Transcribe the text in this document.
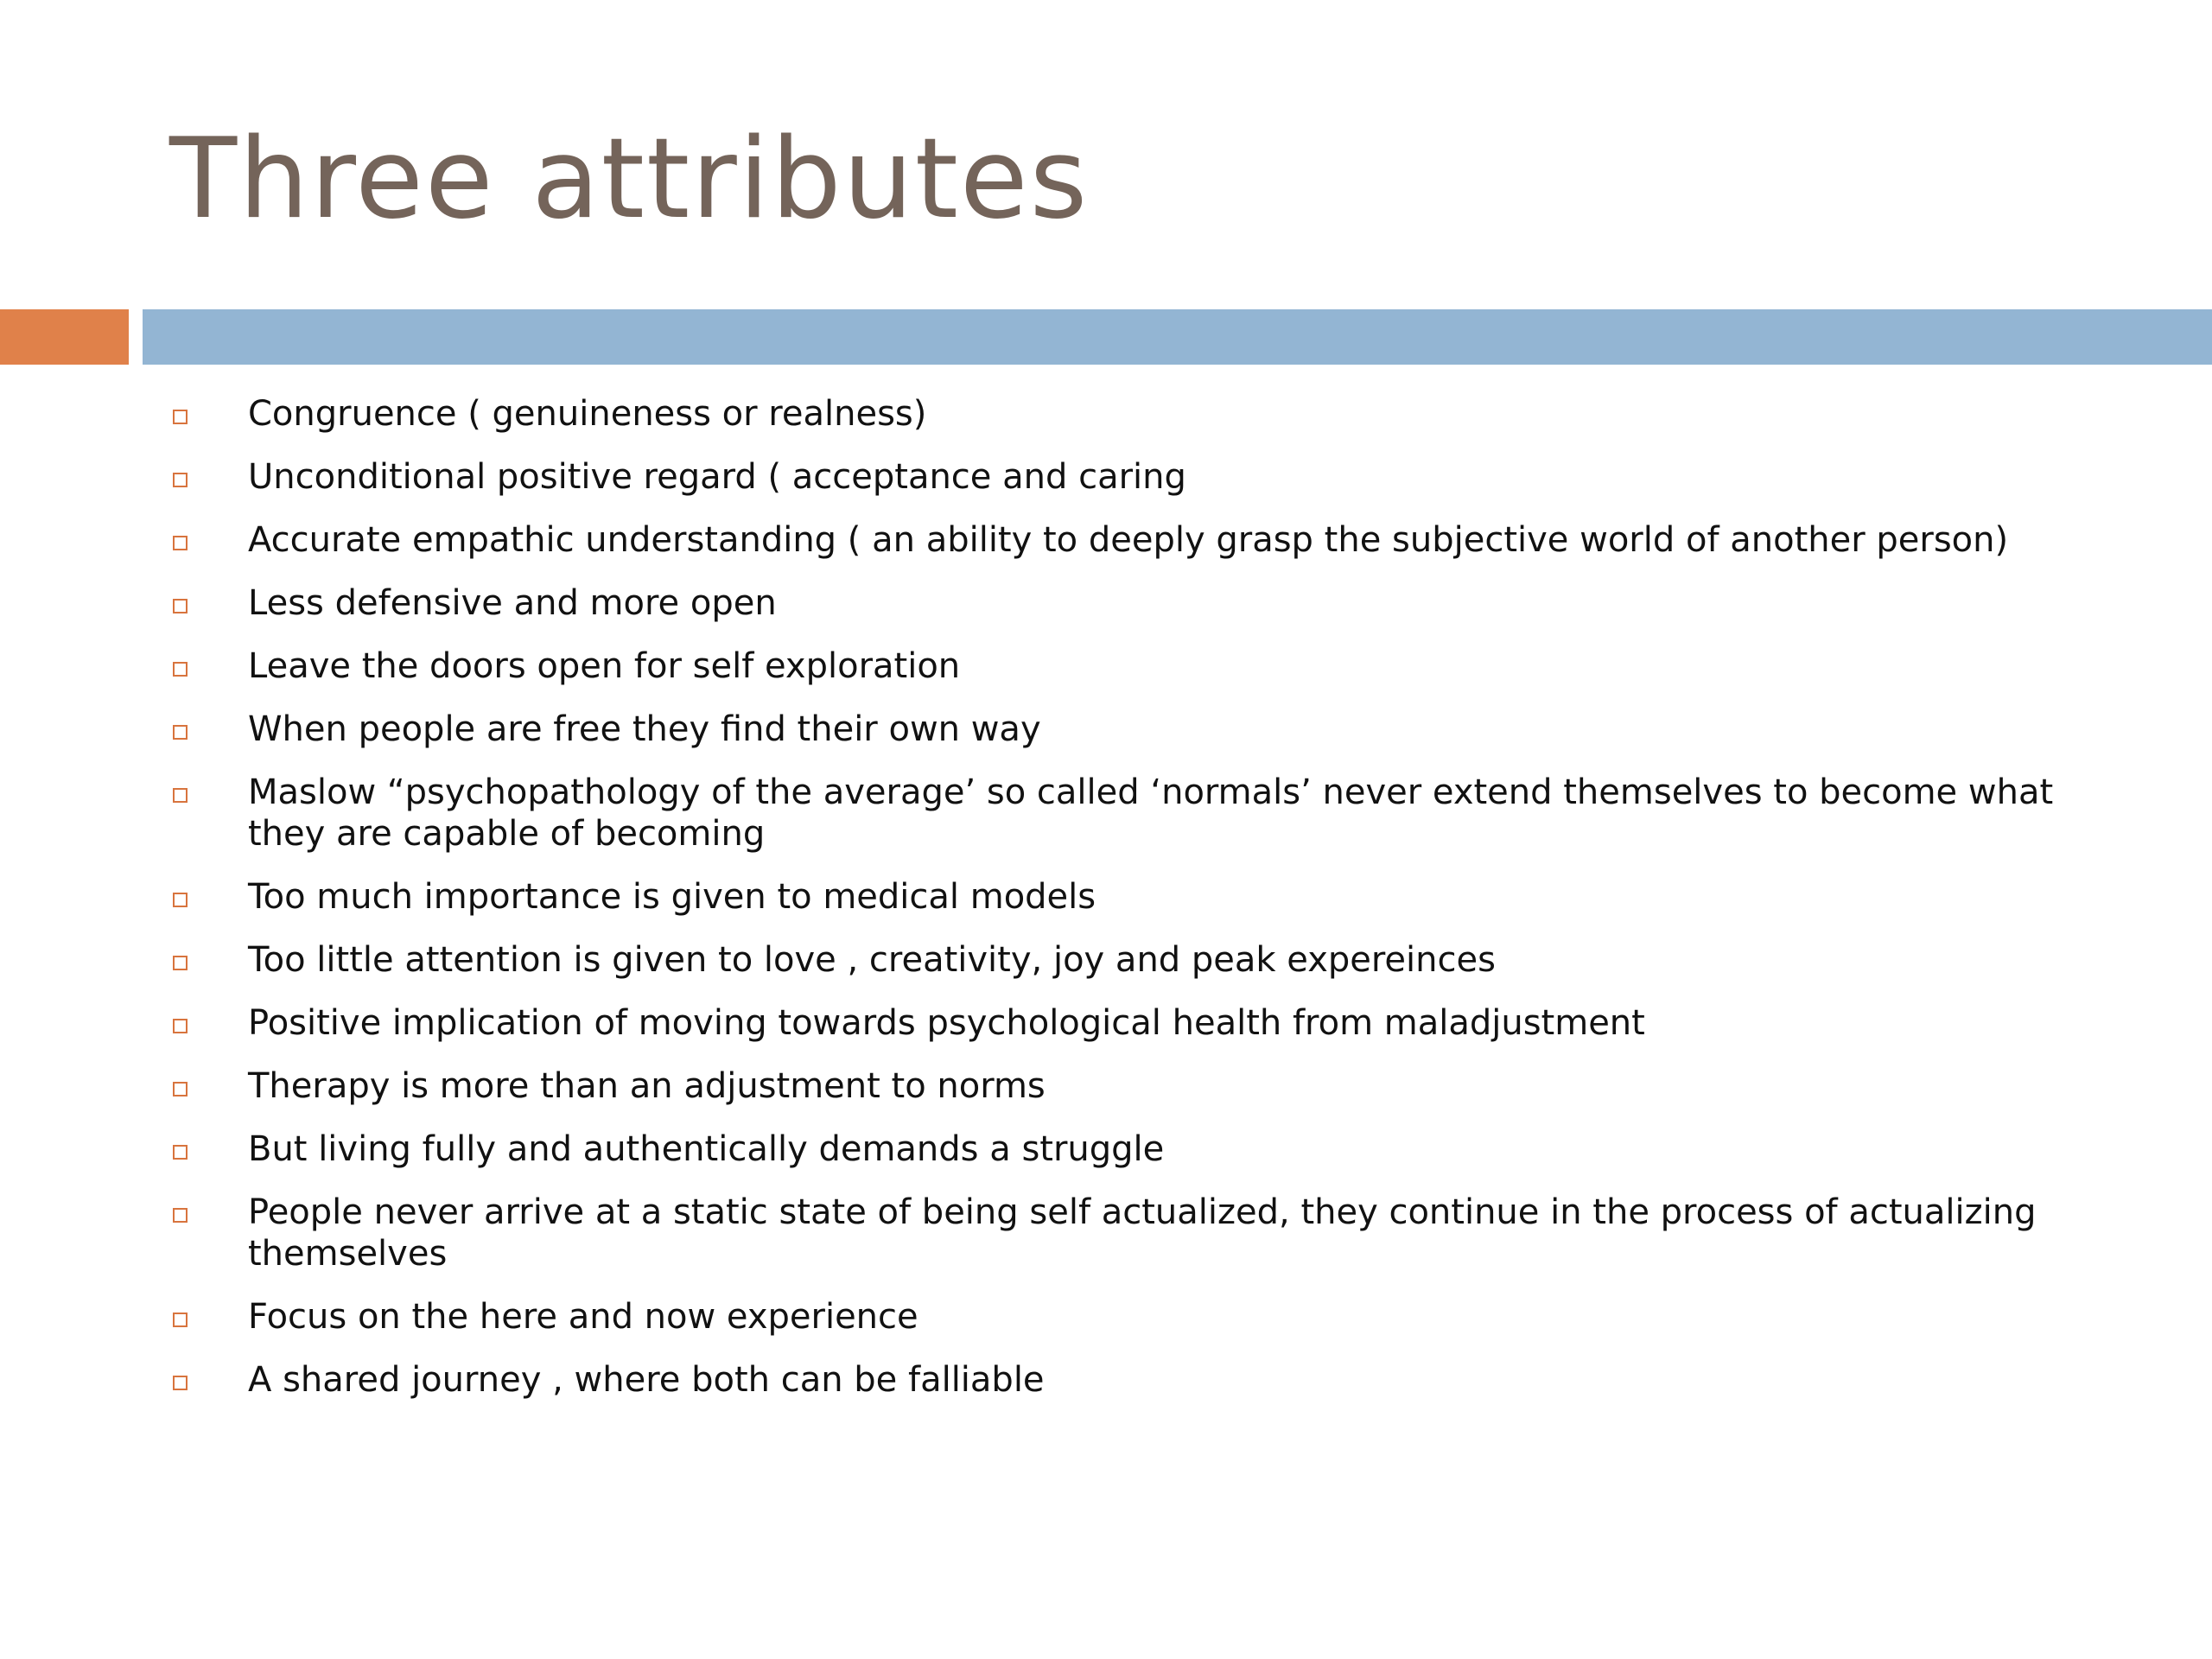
Three attributes
Congruence ( genuineness or realness)
Unconditional positive regard ( acceptance and caring
Accurate empathic understanding ( an ability to deeply grasp the subjective world of another person)
Less defensive and more open
Leave the doors open for self exploration
When people are free they find their own way
Maslow “psychopathology of the average’ so called ‘normals’ never extend themselves to become what they are capable of becoming
Too much importance is given to medical models
Too little attention is given to love , creativity, joy and peak expereinces
Positive implication of moving towards psychological health from maladjustment
Therapy is more than an adjustment to norms
But living fully and authentically demands a struggle
People never arrive at a static state of being self actualized, they continue in the process of actualizing themselves
Focus on the here and now experience
A shared journey , where both can be falliable
